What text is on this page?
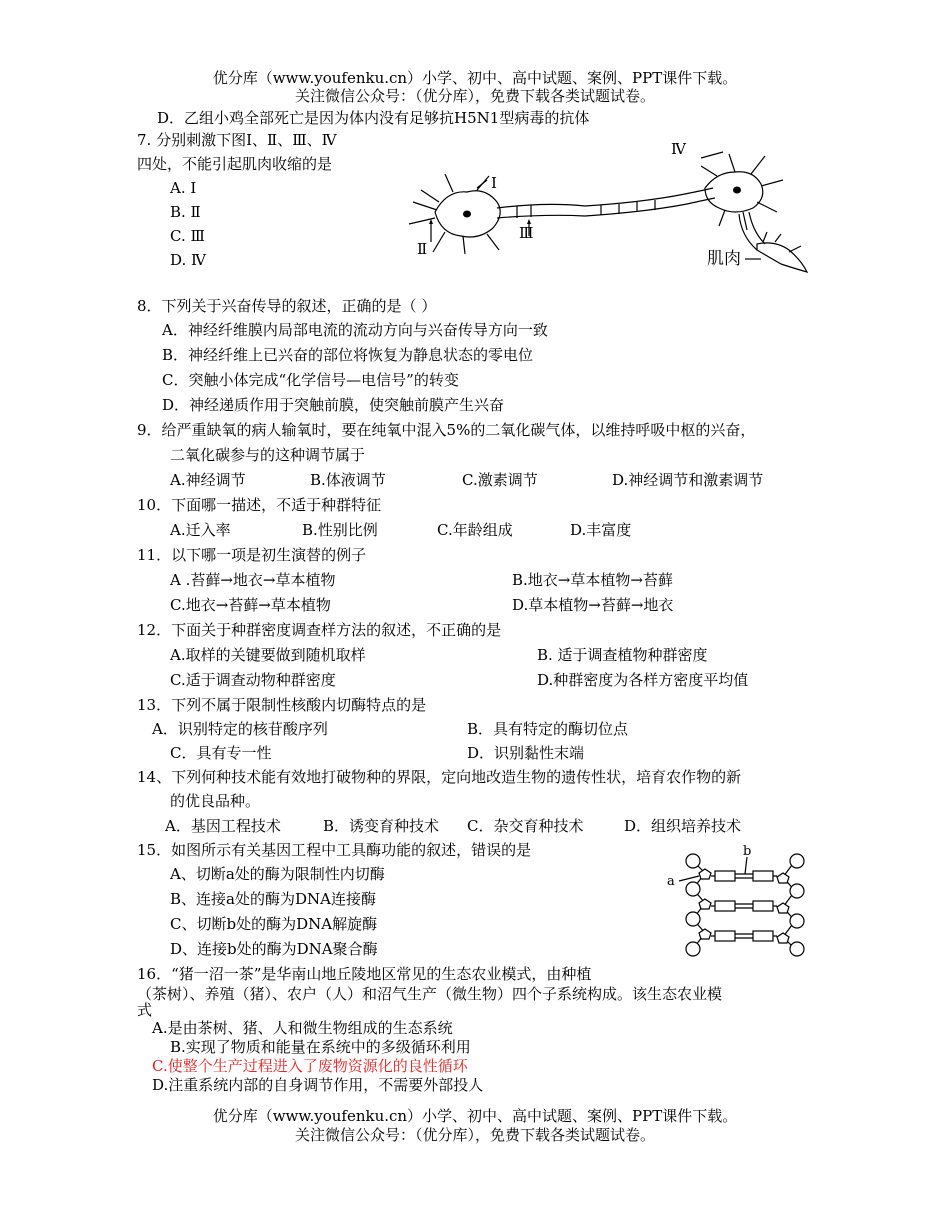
优分库（www.youfenku.cn）小学、初中、高中试题、案例、PPT课件下载。
关注微信公众号：（优分库），免费下载各类试题试卷。
D．乙组小鸡全部死亡是因为体内没有足够抗H5N1型病毒的抗体
7. 分别刺激下图Ⅰ、Ⅱ、Ⅲ、Ⅳ
四处，不能引起肌肉收缩的是
A. Ⅰ
B. Ⅱ
C. Ⅲ
D. Ⅳ
Ⅰ
Ⅱ
Ⅲ
Ⅳ
肌肉
8．下列关于兴奋传导的叙述，正确的是（ ）
A．神经纤维膜内局部电流的流动方向与兴奋传导方向一致
B．神经纤维上已兴奋的部位将恢复为静息状态的零电位
C．突触小体完成“化学信号—电信号”的转变
D．神经递质作用于突触前膜，使突触前膜产生兴奋
9．给严重缺氧的病人输氧时，要在纯氧中混入5%的二氧化碳气体，以维持呼吸中枢的兴奋，
二氧化碳参与的这种调节属于
A.神经调节	B.体液调节	C.激素调节	D.神经调节和激素调节
10．下面哪一描述，不适于种群特征
A.迁入率	B.性别比例	C.年龄组成	D.丰富度
11．以下哪一项是初生演替的例子
A .苔藓→地衣→草本植物	B.地衣→草本植物→苔藓
C.地衣→苔藓→草本植物	D.草本植物→苔藓→地衣
12．下面关于种群密度调查样方法的叙述，不正确的是
A.取样的关键要做到随机取样	B. 适于调查植物种群密度
C.适于调查动物种群密度	D.种群密度为各样方密度平均值
13．下列不属于限制性核酸内切酶特点的是
A．识别特定的核苷酸序列	B．具有特定的酶切位点
C．具有专一性	D．识别黏性末端
14、下列何种技术能有效地打破物种的界限，定向地改造生物的遗传性状，培育农作物的新
的优良品种。
A．基因工程技术	B．诱变育种技术 C．杂交育种技术	D．组织培养技术
15．如图所示有关基因工程中工具酶功能的叙述，错误的是
A、切断a处的酶为限制性内切酶
B、连接a处的酶为DNA连接酶
C、切断b处的酶为DNA解旋酶
D、连接b处的酶为DNA聚合酶
a
b
16．“猪一沼一茶”是华南山地丘陵地区常见的生态农业模式，由种植
（茶树）、养殖（猪）、农户（人）和沼气生产（微生物）四个子系统构成。该生态农业模
式
A.是由茶树、猪、人和微生物组成的生态系统
B.实现了物质和能量在系统中的多级循环利用
C.使整个生产过程进入了废物资源化的良性循环
D.注重系统内部的自身调节作用，不需要外部投人
优分库（www.youfenku.cn）小学、初中、高中试题、案例、PPT课件下载。
关注微信公众号：（优分库），免费下载各类试题试卷。
